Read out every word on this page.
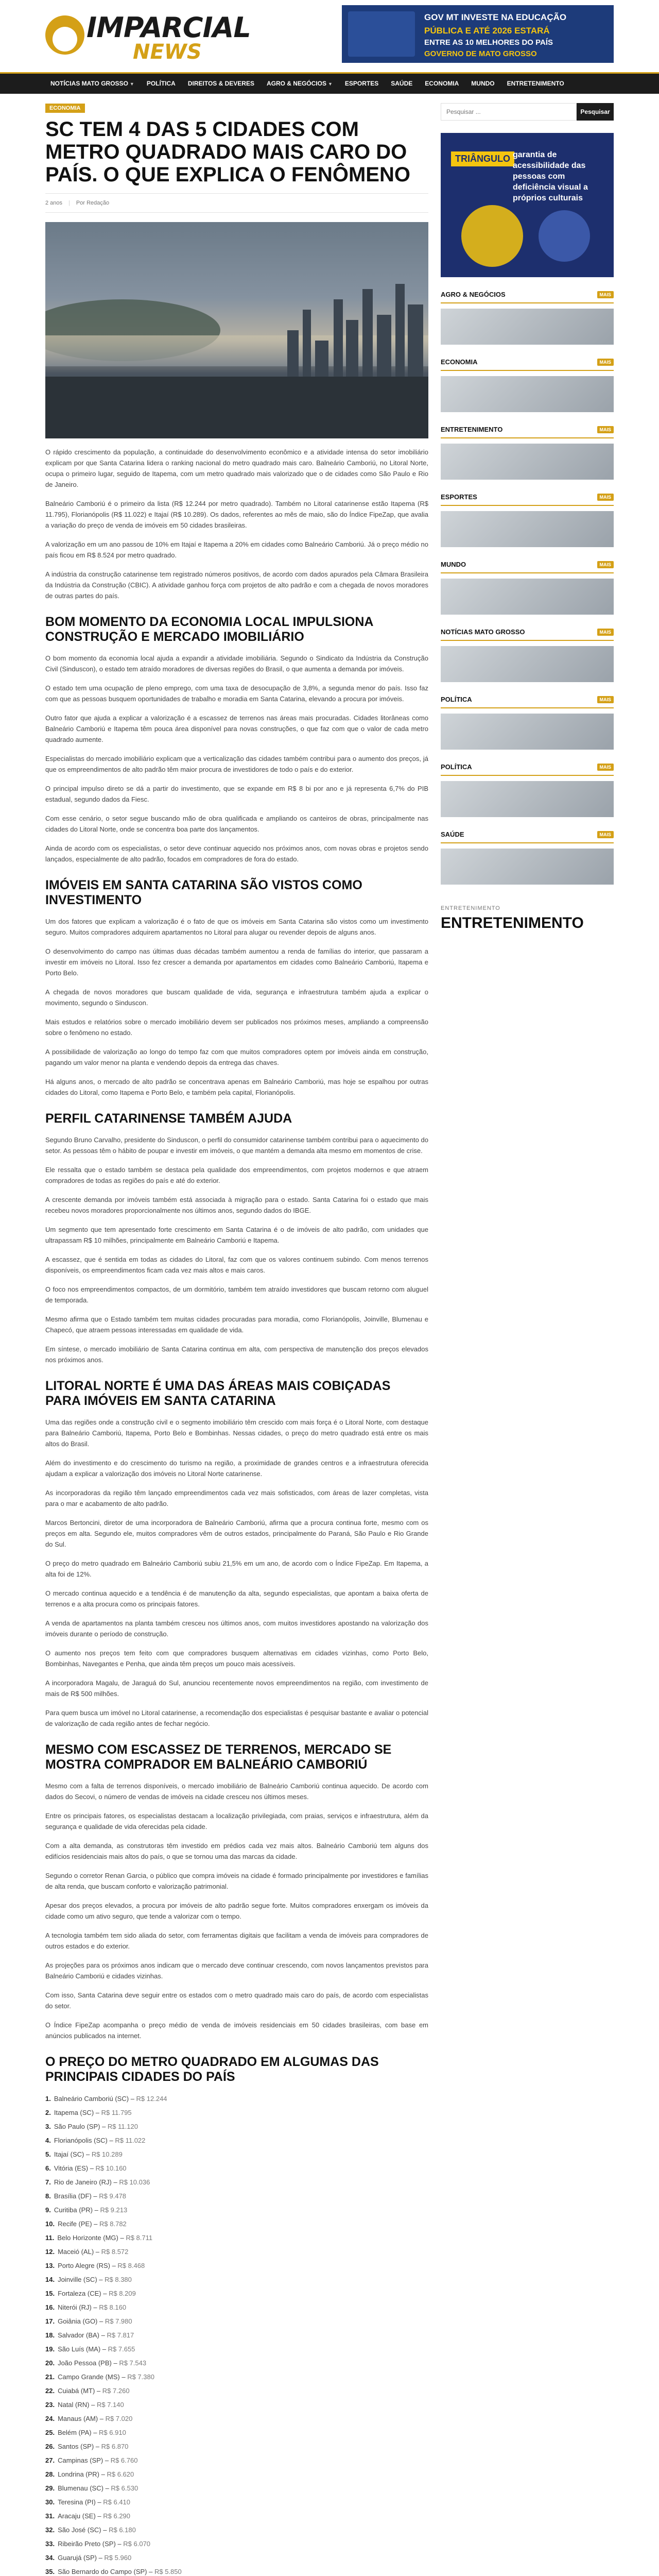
IMPARCIAL
NEWS
GOV MT INVESTE NA EDUCAÇÃO
PÚBLICA E ATÉ 2026 ESTARÁ
ENTRE AS 10 MELHORES DO PAÍS
GOVERNO DE MATO GROSSO
NOTÍCIAS MATO GROSSO ▼	POLÍTICA	DIREITOS & DEVERES	AGRO & NEGÓCIOS ▼	ESPORTES	SAÚDE	ECONOMIA	MUNDO	ENTRETENIMENTO
ECONOMIA
SC TEM 4 DAS 5 CIDADES COM METRO QUADRADO MAIS CARO DO PAÍS. O QUE EXPLICA O FENÔMENO
2 anos | Por Redação

O rápido crescimento da população, a continuidade do desenvolvimento econômico e a atividade intensa do setor imobiliário explicam por que Santa Catarina lidera o ranking nacional do metro quadrado mais caro. Balneário Camboriú, no Litoral Norte, ocupa o primeiro lugar, seguido de Itapema, com um metro quadrado mais valorizado que o de cidades como São Paulo e Rio de Janeiro.

Balneário Camboriú é o primeiro da lista (R$ 12.244 por metro quadrado). Também no Litoral catarinense estão Itapema (R$ 11.795), Florianópolis (R$ 11.022) e Itajaí (R$ 10.289). Os dados, referentes ao mês de maio, são do Índice FipeZap, que avalia a variação do preço de venda de imóveis em 50 cidades brasileiras.

A valorização em um ano passou de 10% em Itajaí e Itapema a 20% em cidades como Balneário Camboriú. Já o preço médio no país ficou em R$ 8.524 por metro quadrado.

A indústria da construção catarinense tem registrado números positivos, de acordo com dados apurados pela Câmara Brasileira da Indústria da Construção (CBIC). A atividade ganhou força com projetos de alto padrão e com a chegada de novos moradores de outras partes do país.

BOM MOMENTO DA ECONOMIA LOCAL IMPULSIONA CONSTRUÇÃO E MERCADO IMOBILIÁRIO

O bom momento da economia local ajuda a expandir a atividade imobiliária. Segundo o Sindicato da Indústria da Construção Civil (Sinduscon), o estado tem atraído moradores de diversas regiões do Brasil, o que aumenta a demanda por imóveis.

O estado tem uma ocupação de pleno emprego, com uma taxa de desocupação de 3,8%, a segunda menor do país. Isso faz com que as pessoas busquem oportunidades de trabalho e moradia em Santa Catarina, elevando a procura por imóveis.

Outro fator que ajuda a explicar a valorização é a escassez de terrenos nas áreas mais procuradas. Cidades litorâneas como Balneário Camboriú e Itapema têm pouca área disponível para novas construções, o que faz com que o valor de cada metro quadrado aumente.

Especialistas do mercado imobiliário explicam que a verticalização das cidades também contribui para o aumento dos preços, já que os empreendimentos de alto padrão têm maior procura de investidores de todo o país e do exterior.

O principal impulso direto se dá a partir do investimento, que se expande em R$ 8 bi por ano e já representa 6,7% do PIB estadual, segundo dados da Fiesc.

Com esse cenário, o setor segue buscando mão de obra qualificada e ampliando os canteiros de obras, principalmente nas cidades do Litoral Norte, onde se concentra boa parte dos lançamentos.

Ainda de acordo com os especialistas, o setor deve continuar aquecido nos próximos anos, com novas obras e projetos sendo lançados, especialmente de alto padrão, focados em compradores de fora do estado.

IMÓVEIS EM SANTA CATARINA SÃO VISTOS COMO INVESTIMENTO

Um dos fatores que explicam a valorização é o fato de que os imóveis em Santa Catarina são vistos como um investimento seguro. Muitos compradores adquirem apartamentos no Litoral para alugar ou revender depois de alguns anos.

O desenvolvimento do campo nas últimas duas décadas também aumentou a renda de famílias do interior, que passaram a investir em imóveis no Litoral. Isso fez crescer a demanda por apartamentos em cidades como Balneário Camboriú, Itapema e Porto Belo.

A chegada de novos moradores que buscam qualidade de vida, segurança e infraestrutura também ajuda a explicar o movimento, segundo o Sinduscon.

Mais estudos e relatórios sobre o mercado imobiliário devem ser publicados nos próximos meses, ampliando a compreensão sobre o fenômeno no estado.

A possibilidade de valorização ao longo do tempo faz com que muitos compradores optem por imóveis ainda em construção, pagando um valor menor na planta e vendendo depois da entrega das chaves.

Há alguns anos, o mercado de alto padrão se concentrava apenas em Balneário Camboriú, mas hoje se espalhou por outras cidades do Litoral, como Itapema e Porto Belo, e também pela capital, Florianópolis.

PERFIL CATARINENSE TAMBÉM AJUDA

Segundo Bruno Carvalho, presidente do Sinduscon, o perfil do consumidor catarinense também contribui para o aquecimento do setor. As pessoas têm o hábito de poupar e investir em imóveis, o que mantém a demanda alta mesmo em momentos de crise.

Ele ressalta que o estado também se destaca pela qualidade dos empreendimentos, com projetos modernos e que atraem compradores de todas as regiões do país e até do exterior.

A crescente demanda por imóveis também está associada à migração para o estado. Santa Catarina foi o estado que mais recebeu novos moradores proporcionalmente nos últimos anos, segundo dados do IBGE.

Um segmento que tem apresentado forte crescimento em Santa Catarina é o de imóveis de alto padrão, com unidades que ultrapassam R$ 10 milhões, principalmente em Balneário Camboriú e Itapema.

A escassez, que é sentida em todas as cidades do Litoral, faz com que os valores continuem subindo. Com menos terrenos disponíveis, os empreendimentos ficam cada vez mais altos e mais caros.

O foco nos empreendimentos compactos, de um dormitório, também tem atraído investidores que buscam retorno com aluguel de temporada.

Mesmo afirma que o Estado também tem muitas cidades procuradas para moradia, como Florianópolis, Joinville, Blumenau e Chapecó, que atraem pessoas interessadas em qualidade de vida.

Em síntese, o mercado imobiliário de Santa Catarina continua em alta, com perspectiva de manutenção dos preços elevados nos próximos anos.

LITORAL NORTE É UMA DAS ÁREAS MAIS COBIÇADAS PARA IMÓVEIS EM SANTA CATARINA

Uma das regiões onde a construção civil e o segmento imobiliário têm crescido com mais força é o Litoral Norte, com destaque para Balneário Camboriú, Itapema, Porto Belo e Bombinhas. Nessas cidades, o preço do metro quadrado está entre os mais altos do Brasil.

Além do investimento e do crescimento do turismo na região, a proximidade de grandes centros e a infraestrutura oferecida ajudam a explicar a valorização dos imóveis no Litoral Norte catarinense.

As incorporadoras da região têm lançado empreendimentos cada vez mais sofisticados, com áreas de lazer completas, vista para o mar e acabamento de alto padrão.

Marcos Bertoncini, diretor de uma incorporadora de Balneário Camboriú, afirma que a procura continua forte, mesmo com os preços em alta. Segundo ele, muitos compradores vêm de outros estados, principalmente do Paraná, São Paulo e Rio Grande do Sul.

O preço do metro quadrado em Balneário Camboriú subiu 21,5% em um ano, de acordo com o Índice FipeZap. Em Itapema, a alta foi de 12%.

O mercado continua aquecido e a tendência é de manutenção da alta, segundo especialistas, que apontam a baixa oferta de terrenos e a alta procura como os principais fatores.

A venda de apartamentos na planta também cresceu nos últimos anos, com muitos investidores apostando na valorização dos imóveis durante o período de construção.

O aumento nos preços tem feito com que compradores busquem alternativas em cidades vizinhas, como Porto Belo, Bombinhas, Navegantes e Penha, que ainda têm preços um pouco mais acessíveis.

A incorporadora Magalu, de Jaraguá do Sul, anunciou recentemente novos empreendimentos na região, com investimento de mais de R$ 500 milhões.

Para quem busca um imóvel no Litoral catarinense, a recomendação dos especialistas é pesquisar bastante e avaliar o potencial de valorização de cada região antes de fechar negócio.

MESMO COM ESCASSEZ DE TERRENOS, MERCADO SE MOSTRA COMPRADOR EM BALNEÁRIO CAMBORIÚ

Mesmo com a falta de terrenos disponíveis, o mercado imobiliário de Balneário Camboriú continua aquecido. De acordo com dados do Secovi, o número de vendas de imóveis na cidade cresceu nos últimos meses.

Entre os principais fatores, os especialistas destacam a localização privilegiada, com praias, serviços e infraestrutura, além da segurança e qualidade de vida oferecidas pela cidade.

Com a alta demanda, as construtoras têm investido em prédios cada vez mais altos. Balneário Camboriú tem alguns dos edifícios residenciais mais altos do país, o que se tornou uma das marcas da cidade.

Segundo o corretor Renan Garcia, o público que compra imóveis na cidade é formado principalmente por investidores e famílias de alta renda, que buscam conforto e valorização patrimonial.

Apesar dos preços elevados, a procura por imóveis de alto padrão segue forte. Muitos compradores enxergam os imóveis da cidade como um ativo seguro, que tende a valorizar com o tempo.

A tecnologia também tem sido aliada do setor, com ferramentas digitais que facilitam a venda de imóveis para compradores de outros estados e do exterior.

As projeções para os próximos anos indicam que o mercado deve continuar crescendo, com novos lançamentos previstos para Balneário Camboriú e cidades vizinhas.

Com isso, Santa Catarina deve seguir entre os estados com o metro quadrado mais caro do país, de acordo com especialistas do setor.

O Índice FipeZap acompanha o preço médio de venda de imóveis residenciais em 50 cidades brasileiras, com base em anúncios publicados na internet.

O PREÇO DO METRO QUADRADO EM ALGUMAS DAS PRINCIPAIS CIDADES DO PAÍS
1. Balneário Camboriú (SC) – R$ 12.244
2. Itapema (SC) – R$ 11.795
3. São Paulo (SP) – R$ 11.120
4. Florianópolis (SC) – R$ 11.022
5. Itajaí (SC) – R$ 10.289
6. Vitória (ES) – R$ 10.160
7. Rio de Janeiro (RJ) – R$ 10.036
8. Brasília (DF) – R$ 9.478
9. Curitiba (PR) – R$ 9.213
10. Recife (PE) – R$ 8.782
11. Belo Horizonte (MG) – R$ 8.711
12. Maceió (AL) – R$ 8.572
13. Porto Alegre (RS) – R$ 8.468
14. Joinville (SC) – R$ 8.380
15. Fortaleza (CE) – R$ 8.209
16. Niterói (RJ) – R$ 8.160
17. Goiânia (GO) – R$ 7.980
18. Salvador (BA) – R$ 7.817
19. São Luís (MA) – R$ 7.655
20. João Pessoa (PB) – R$ 7.543
21. Campo Grande (MS) – R$ 7.380
22. Cuiabá (MT) – R$ 7.260
23. Natal (RN) – R$ 7.140
24. Manaus (AM) – R$ 7.020
25. Belém (PA) – R$ 6.910
26. Santos (SP) – R$ 6.870
27. Campinas (SP) – R$ 6.760
28. Londrina (PR) – R$ 6.620
29. Blumenau (SC) – R$ 6.530
30. Teresina (PI) – R$ 6.410
31. Aracaju (SE) – R$ 6.290
32. São José (SC) – R$ 6.180
33. Ribeirão Preto (SP) – R$ 6.070
34. Guarujá (SP) – R$ 5.960
35. São Bernardo do Campo (SP) – R$ 5.850
Pesquisar ...
Pesquisar
TRIÂNGULO garantia de acessibilidade das pessoas com deficiência visual a próprios culturais
AGRO & NEGÓCIOS	MAIS
ECONOMIA	MAIS
ENTRETENIMENTO	MAIS
ESPORTES	MAIS
MUNDO	MAIS
NOTÍCIAS MATO GROSSO	MAIS
POLÍTICA	MAIS
POLÍTICA	MAIS
SAÚDE	MAIS
ENTRETENIMENTO
ENTRETENIMENTO
